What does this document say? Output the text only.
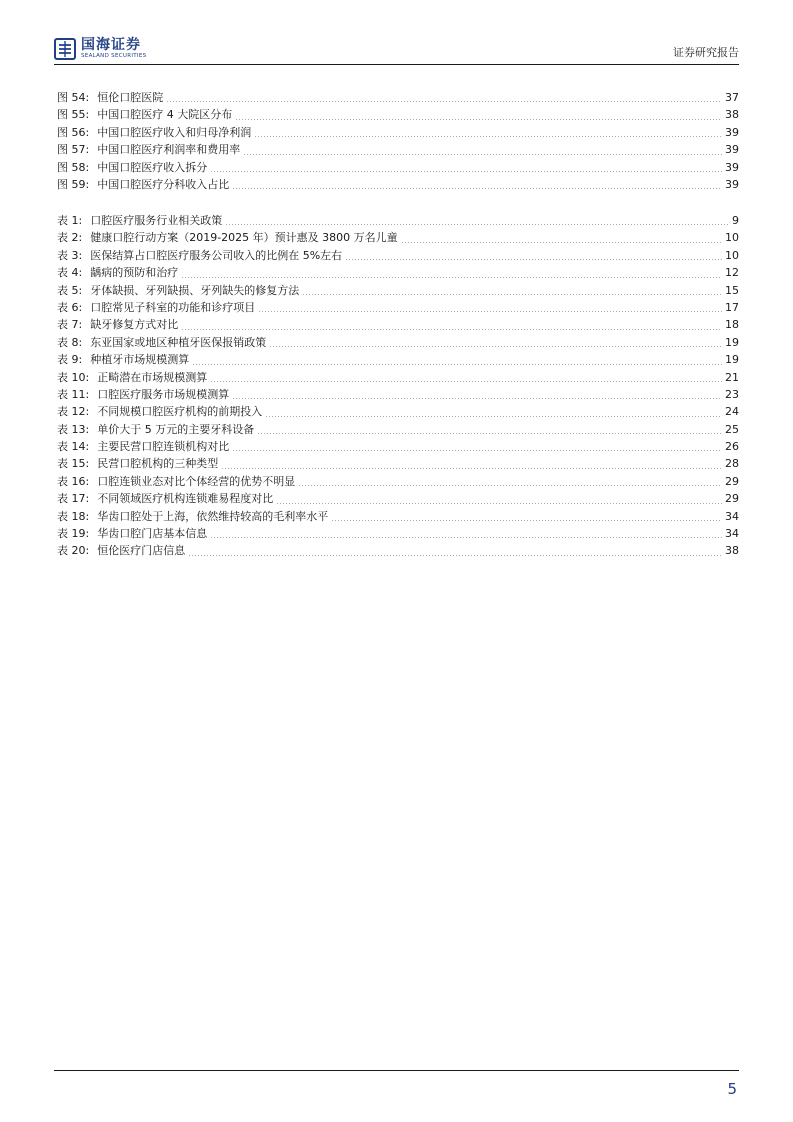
国海证券
SEALAND SECURITIES	证券研究报告
图 54: 恒伦口腔医院	37
图 55: 中国口腔医疗 4 大院区分布	38
图 56: 中国口腔医疗收入和归母净利润	39
图 57: 中国口腔医疗利润率和费用率	39
图 58: 中国口腔医疗收入拆分	39
图 59: 中国口腔医疗分科收入占比	39
表 1: 口腔医疗服务行业相关政策	9
表 2: 健康口腔行动方案（2019-2025 年）预计惠及 3800 万名儿童	10
表 3: 医保结算占口腔医疗服务公司收入的比例在 5%左右	10
表 4: 龋病的预防和治疗	12
表 5: 牙体缺损、牙列缺损、牙列缺失的修复方法	15
表 6: 口腔常见子科室的功能和诊疗项目	17
表 7: 缺牙修复方式对比	18
表 8: 东亚国家或地区种植牙医保报销政策	19
表 9: 种植牙市场规模测算	19
表 10: 正畸潜在市场规模测算	21
表 11: 口腔医疗服务市场规模测算	23
表 12: 不同规模口腔医疗机构的前期投入	24
表 13: 单价大于 5 万元的主要牙科设备	25
表 14: 主要民营口腔连锁机构对比	26
表 15: 民营口腔机构的三种类型	28
表 16: 口腔连锁业态对比个体经营的优势不明显	29
表 17: 不同领域医疗机构连锁难易程度对比	29
表 18: 华齿口腔处于上海，依然维持较高的毛利率水平	34
表 19: 华齿口腔门店基本信息	34
表 20: 恒伦医疗门店信息	38
5
